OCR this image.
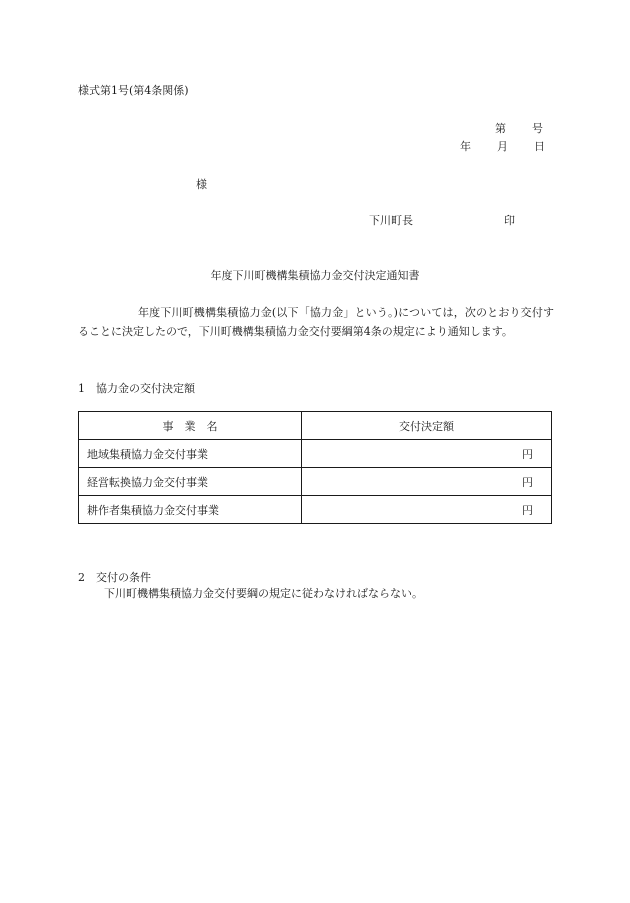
様式第1号(第4条関係)
第 号
年 月 日
様
下川町長	印
年度下川町機構集積協力金交付決定通知書
年度下川町機構集積協力金(以下「協力金」という。)については，次のとおり交付することに決定したので，下川町機構集積協力金交付要綱第4条の規定により通知します。
1　協力金の交付決定額
事　業　名	交付決定額
地域集積協力金交付事業	円
経営転換協力金交付事業	円
耕作者集積協力金交付事業	円
2　交付の条件
下川町機構集積協力金交付要綱の規定に従わなければならない。
